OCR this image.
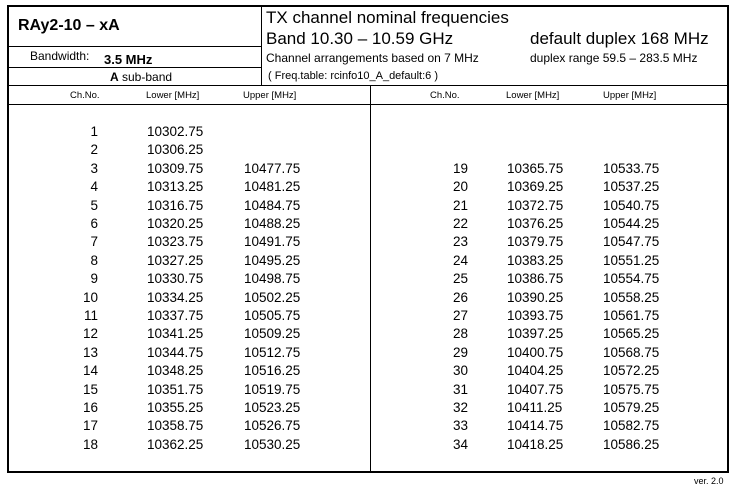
RAy2-10 – xA
Bandwidth: 3.5 MHz
A sub-band
TX channel nominal frequencies
Band 10.30 – 10.59 GHz
Channel arrangements based on 7 MHz
( Freq.table: rcinfo10_A_default:6 )
default duplex 168 MHz
duplex range 59.5 – 283.5 MHz
Ch.No.	Lower [MHz]	Upper [MHz]	Ch.No.	Lower [MHz]	Upper [MHz]
1	10302.75
2	10306.25
3	10309.75	10477.75
4	10313.25	10481.25
5	10316.75	10484.75
6	10320.25	10488.25
7	10323.75	10491.75
8	10327.25	10495.25
9	10330.75	10498.75
10	10334.25	10502.25
11	10337.75	10505.75
12	10341.25	10509.25
13	10344.75	10512.75
14	10348.25	10516.25
15	10351.75	10519.75
16	10355.25	10523.25
17	10358.75	10526.75
18	10362.25	10530.25
19	10365.75	10533.75
20	10369.25	10537.25
21	10372.75	10540.75
22	10376.25	10544.25
23	10379.75	10547.75
24	10383.25	10551.25
25	10386.75	10554.75
26	10390.25	10558.25
27	10393.75	10561.75
28	10397.25	10565.25
29	10400.75	10568.75
30	10404.25	10572.25
31	10407.75	10575.75
32	10411.25	10579.25
33	10414.75	10582.75
34	10418.25	10586.25
ver. 2.0
